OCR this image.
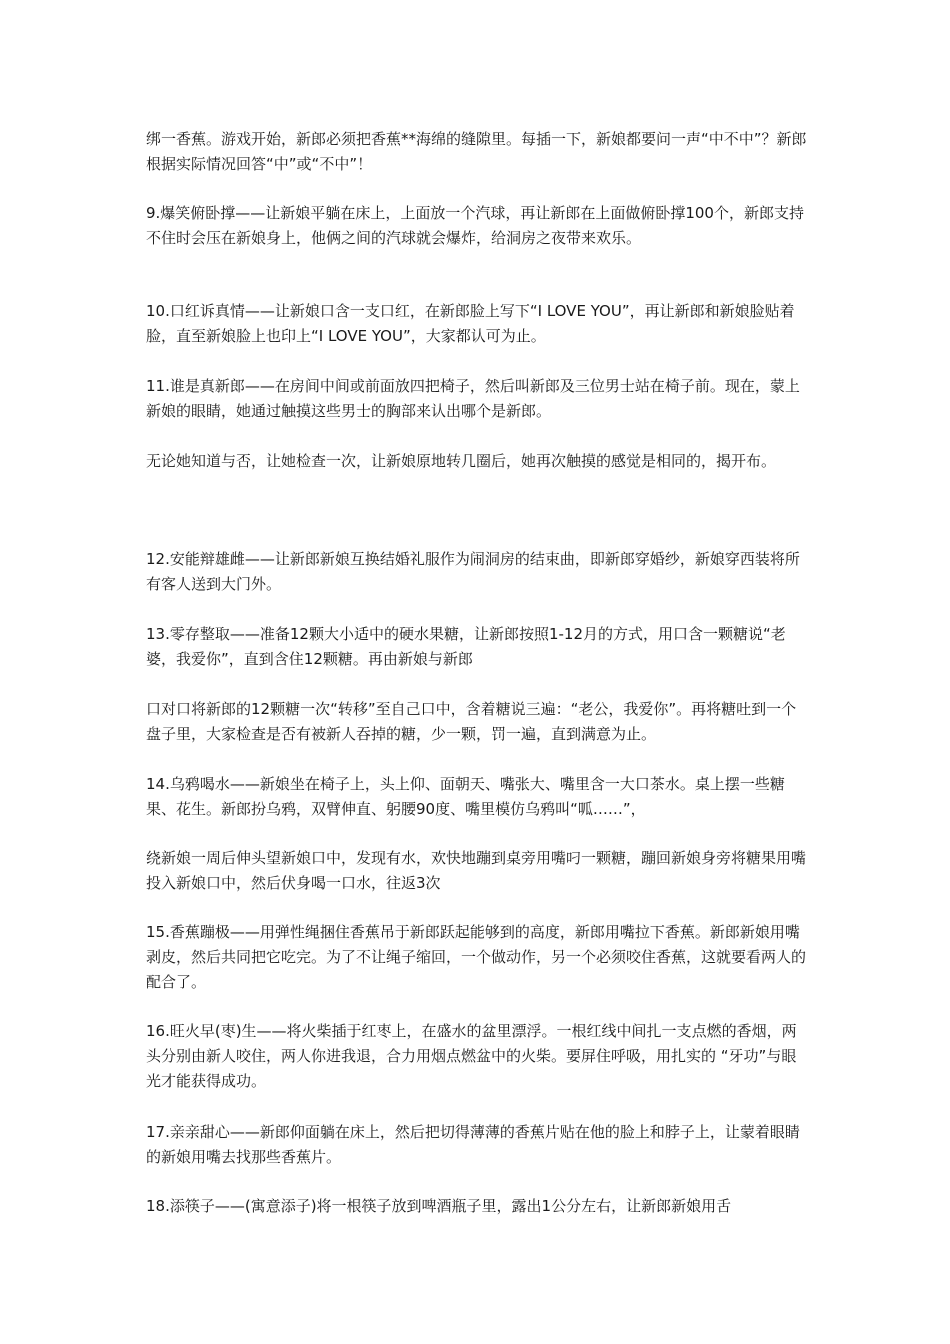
绑一香蕉。游戏开始，新郎必须把香蕉**海绵的缝隙里。每插一下，新娘都要问一声“中不中”？新郎根据实际情况回答“中”或“不中”！

9.爆笑俯卧撑——让新娘平躺在床上，上面放一个汽球，再让新郎在上面做俯卧撑100个，新郎支持不住时会压在新娘身上，他俩之间的汽球就会爆炸，给洞房之夜带来欢乐。

10.口红诉真情——让新娘口含一支口红，在新郎脸上写下“I LOVE YOU”，再让新郎和新娘脸贴着脸，直至新娘脸上也印上“I LOVE YOU”，大家都认可为止。

11.谁是真新郎——在房间中间或前面放四把椅子，然后叫新郎及三位男士站在椅子前。现在，蒙上新娘的眼睛，她通过触摸这些男士的胸部来认出哪个是新郎。

无论她知道与否，让她检查一次，让新娘原地转几圈后，她再次触摸的感觉是相同的，揭开布。

12.安能辩雄雌——让新郎新娘互换结婚礼服作为闹洞房的结束曲，即新郎穿婚纱，新娘穿西装将所有客人送到大门外。

13.零存整取——准备12颗大小适中的硬水果糖，让新郎按照1-12月的方式，用口含一颗糖说“老婆，我爱你”，直到含住12颗糖。再由新娘与新郎

口对口将新郎的12颗糖一次“转移”至自己口中，含着糖说三遍：“老公，我爱你”。再将糖吐到一个盘子里，大家检查是否有被新人吞掉的糖，少一颗，罚一遍，直到满意为止。

14.乌鸦喝水——新娘坐在椅子上，头上仰、面朝天、嘴张大、嘴里含一大口茶水。桌上摆一些糖果、花生。新郎扮乌鸦，双臂伸直、躬腰90度、嘴里模仿乌鸦叫“呱……”，

绕新娘一周后伸头望新娘口中，发现有水，欢快地蹦到桌旁用嘴叼一颗糖，蹦回新娘身旁将糖果用嘴投入新娘口中，然后伏身喝一口水，往返3次

15.香蕉蹦极——用弹性绳捆住香蕉吊于新郎跃起能够到的高度，新郎用嘴拉下香蕉。新郎新娘用嘴剥皮，然后共同把它吃完。为了不让绳子缩回，一个做动作，另一个必须咬住香蕉，这就要看两人的配合了。

16.旺火早(枣)生——将火柴插于红枣上，在盛水的盆里漂浮。一根红线中间扎一支点燃的香烟，两头分别由新人咬住，两人你进我退，合力用烟点燃盆中的火柴。要屏住呼吸，用扎实的 “牙功”与眼光才能获得成功。

17.亲亲甜心——新郎仰面躺在床上，然后把切得薄薄的香蕉片贴在他的脸上和脖子上，让蒙着眼睛的新娘用嘴去找那些香蕉片。

18.添筷子——(寓意添子)将一根筷子放到啤酒瓶子里，露出1公分左右，让新郎新娘用舌
